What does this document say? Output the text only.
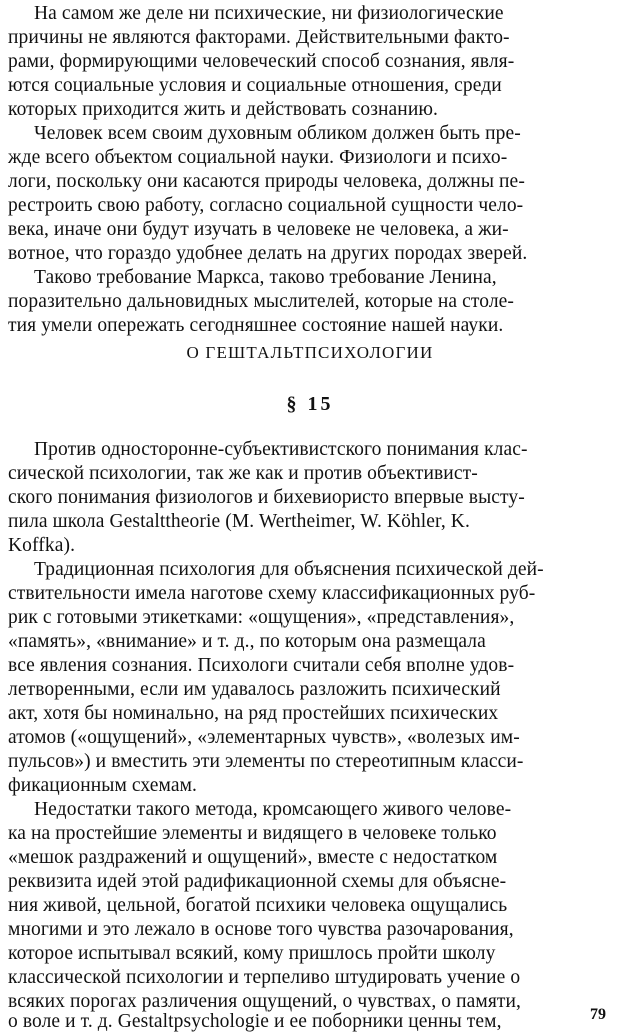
На самом же деле ни психические, ни физиологические
причины не являются факторами. Действительными факто-
рами, формирующими человеческий способ сознания, явля-
ются социальные условия и социальные отношения, среди
которых приходится жить и действовать сознанию.
Человек всем своим духовным обликом должен быть пре-
жде всего объектом социальной науки. Физиологи и психо-
логи, поскольку они касаются природы человека, должны пе-
рестроить свою работу, согласно социальной сущности чело-
века, иначе они будут изучать в человеке не человека, а жи-
вотное, что гораздо удобнее делать на других породах зверей.
Таково требование Маркса, таково требование Ленина,
поразительно дальновидных мыслителей, которые на столе-
тия умели опережать сегодняшнее состояние нашей науки.
О ГЕШТАЛЬТПСИХОЛОГИИ
§ 15
Против односторонне-субъективистского понимания клас-
сической психологии, так же как и против объективист-
ского понимания физиологов и бихевиористо впервые высту-
пила школа Gestalttheorie (M. Wertheimer, W. Köhler, K.
Koffka).
Традиционная психология для объяснения психической дей-
ствительности имела наготове схему классификационных руб-
рик с готовыми этикетками: «ощущения», «представления»,
«память», «внимание» и т. д., по которым она размещала
все явления сознания. Психологи считали себя вполне удов-
летворенными, если им удавалось разложить психический
акт, хотя бы номинально, на ряд простейших психических
атомов («ощущений», «элементарных чувств», «волезых им-
пульсов») и вместить эти элементы по стереотипным класси-
фикационным схемам.
Недостатки такого метода, кромсающего живого челове-
ка на простейшие элементы и видящего в человеке только
«мешок раздражений и ощущений», вместе с недостатком
реквизита идей этой радификационной схемы для объясне-
ния живой, цельной, богатой психики человека ощущались
многими и это лежало в основе того чувства разочарования,
которое испытывал всякий, кому пришлось пройти школу
классической психологии и терпеливо штудировать учение о
всяких порогах различения ощущений, о чувствах, о памяти,
о воле и т. д. Gestaltpsychologie и ее поборники ценны тем,	79
